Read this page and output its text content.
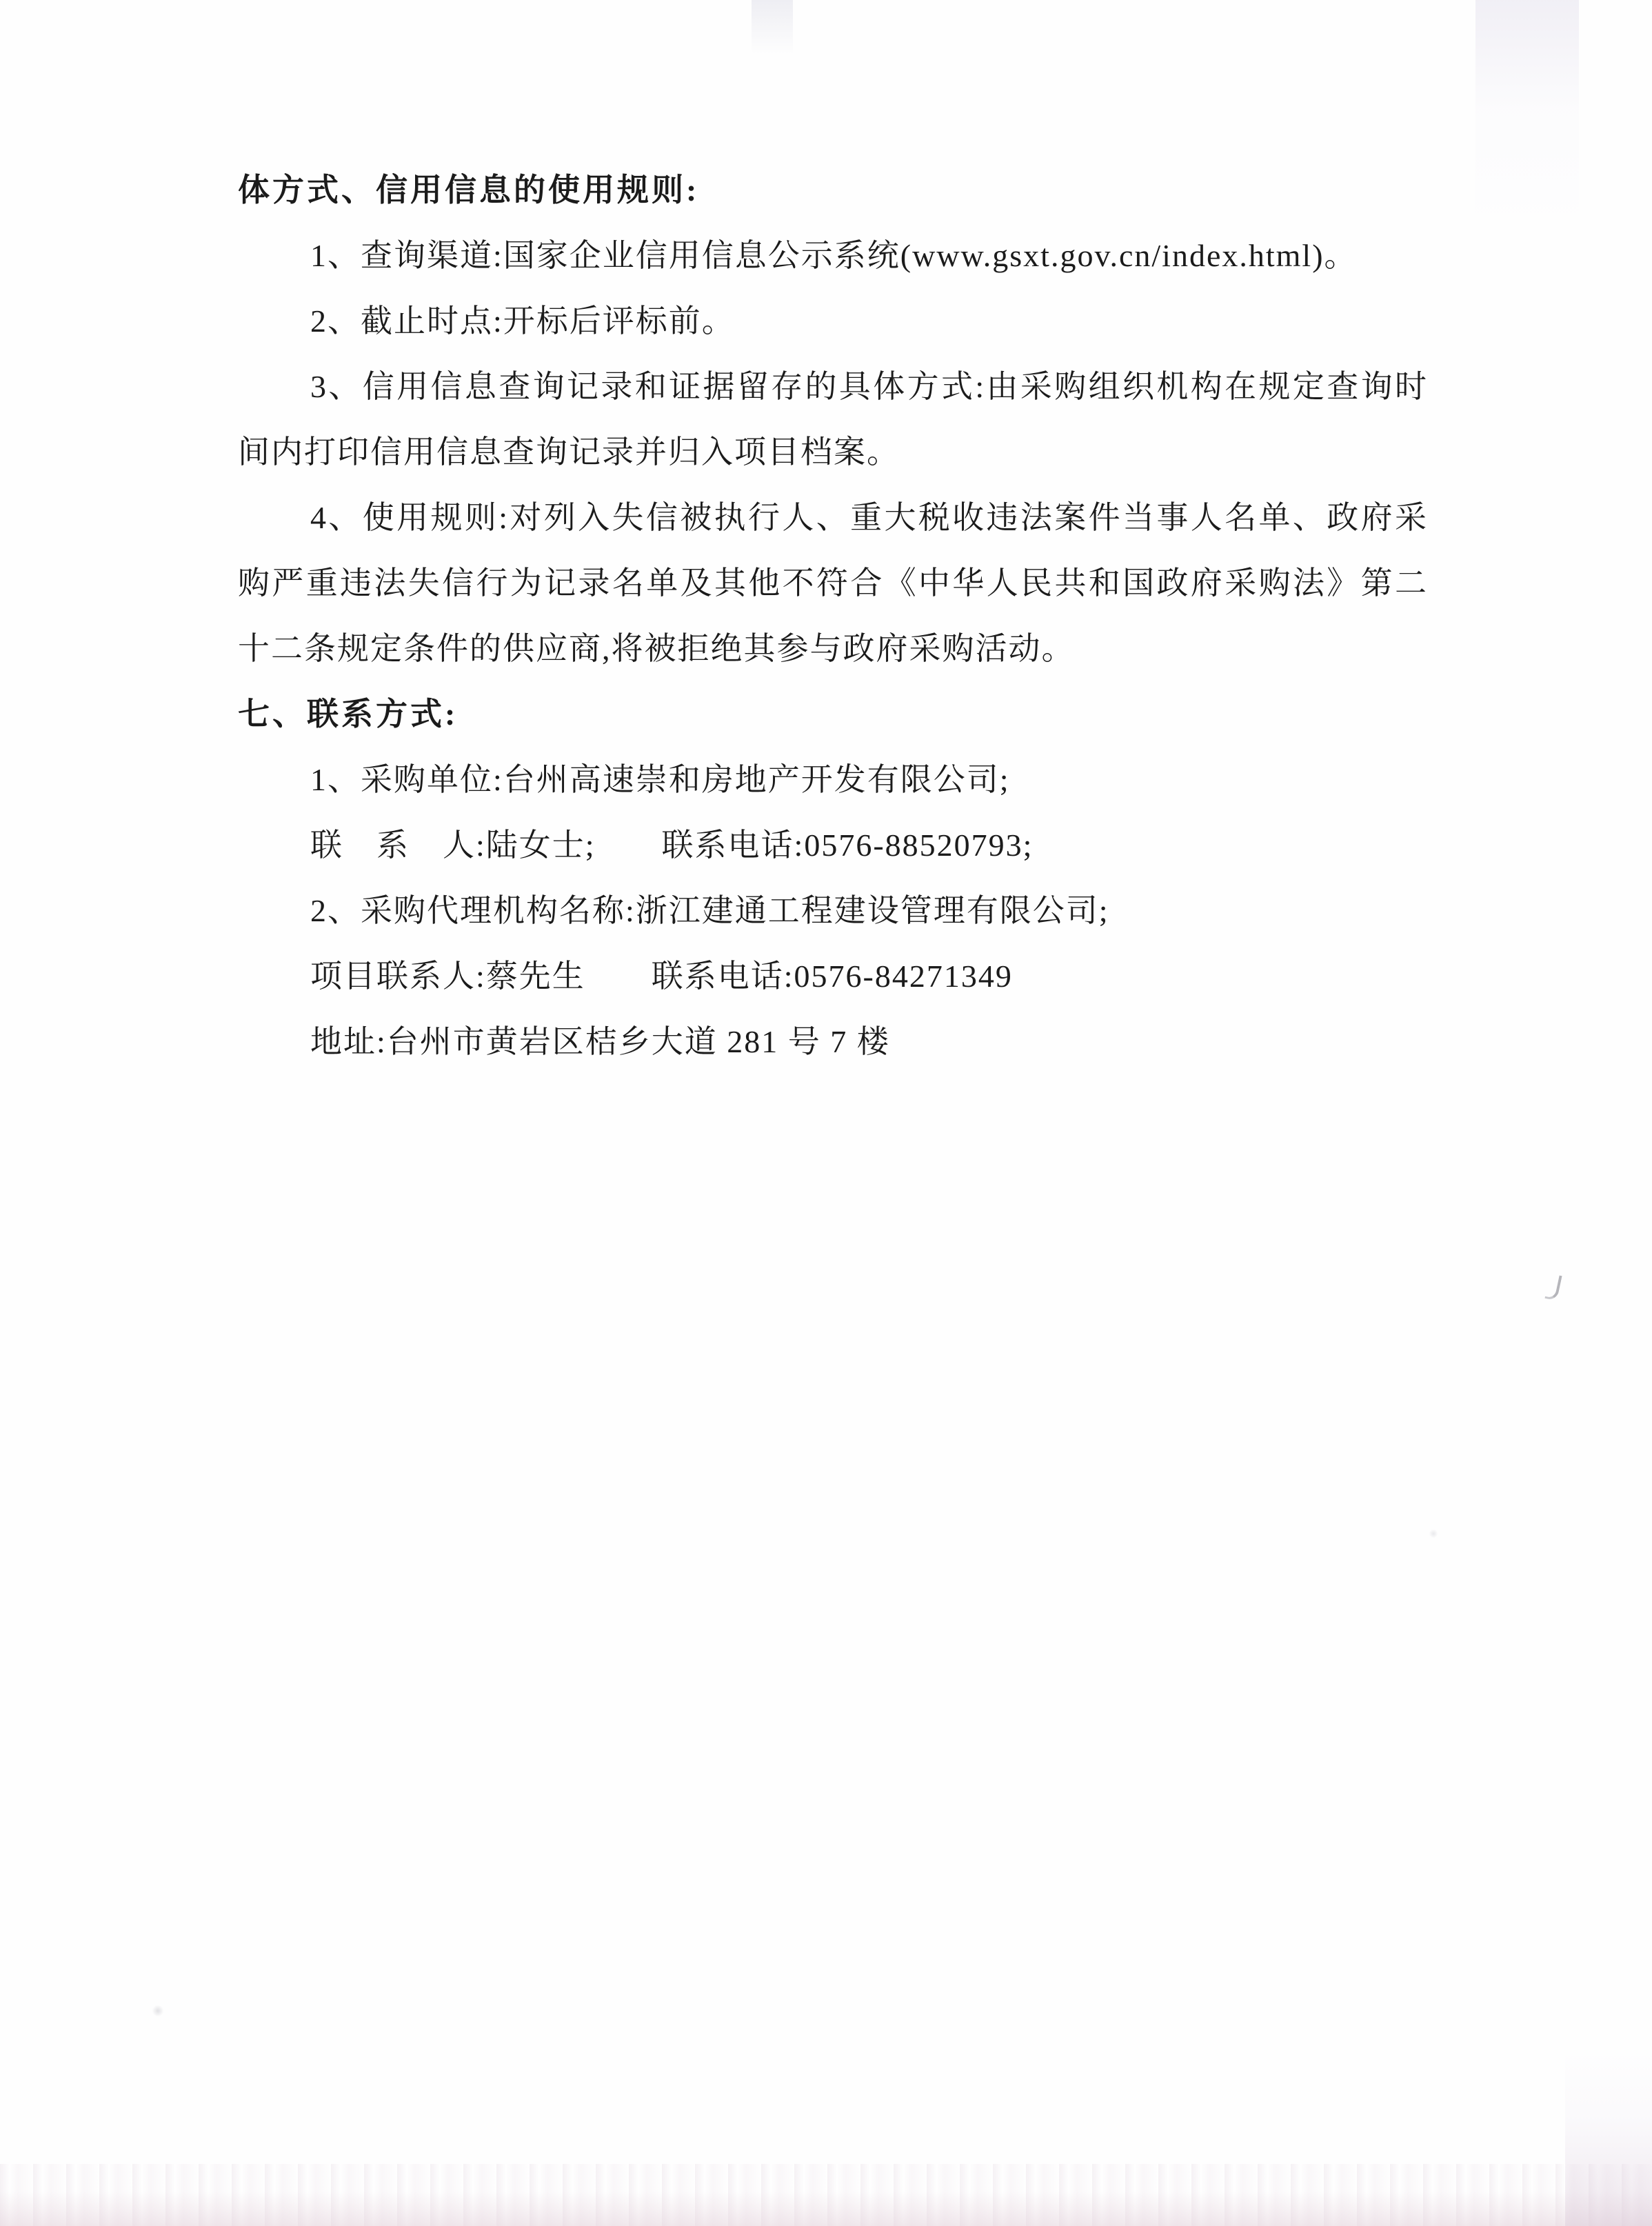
体方式、信用信息的使用规则:

1、查询渠道:国家企业信用信息公示系统(www.gsxt.gov.cn/index.html)。

2、截止时点:开标后评标前。

3、信用信息查询记录和证据留存的具体方式:由采购组织机构在规定查询时间内打印信用信息查询记录并归入项目档案。

4、使用规则:对列入失信被执行人、重大税收违法案件当事人名单、政府采购严重违法失信行为记录名单及其他不符合《中华人民共和国政府采购法》第二十二条规定条件的供应商,将被拒绝其参与政府采购活动。

七、联系方式:

1、采购单位:台州高速崇和房地产开发有限公司;

联　系　人:陆女士;　　联系电话:0576-88520793;

2、采购代理机构名称:浙江建通工程建设管理有限公司;

项目联系人:蔡先生　　联系电话:0576-84271349

地址:台州市黄岩区桔乡大道 281 号 7 楼
